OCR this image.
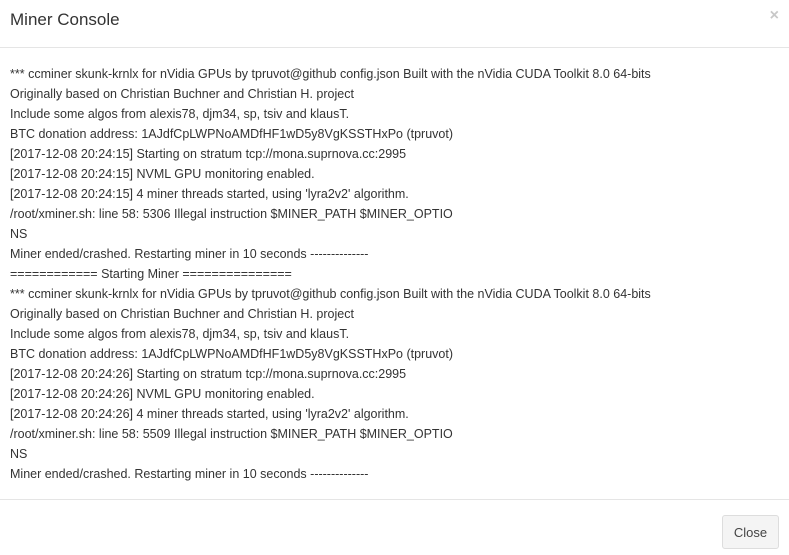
Miner Console	×
*** ccminer skunk-krnlx for nVidia GPUs by tpruvot@github config.json Built with the nVidia CUDA Toolkit 8.0 64-bits
Originally based on Christian Buchner and Christian H. project
Include some algos from alexis78, djm34, sp, tsiv and klausT.
BTC donation address: 1AJdfCpLWPNoAMDfHF1wD5y8VgKSSTHxPo (tpruvot)
[2017-12-08 20:24:15] Starting on stratum tcp://mona.suprnova.cc:2995
[2017-12-08 20:24:15] NVML GPU monitoring enabled.
[2017-12-08 20:24:15] 4 miner threads started, using 'lyra2v2' algorithm.
/root/xminer.sh: line 58: 5306 Illegal instruction $MINER_PATH $MINER_OPTIO
NS
Miner ended/crashed. Restarting miner in 10 seconds --------------
============ Starting Miner ===============
*** ccminer skunk-krnlx for nVidia GPUs by tpruvot@github config.json Built with the nVidia CUDA Toolkit 8.0 64-bits
Originally based on Christian Buchner and Christian H. project
Include some algos from alexis78, djm34, sp, tsiv and klausT.
BTC donation address: 1AJdfCpLWPNoAMDfHF1wD5y8VgKSSTHxPo (tpruvot)
[2017-12-08 20:24:26] Starting on stratum tcp://mona.suprnova.cc:2995
[2017-12-08 20:24:26] NVML GPU monitoring enabled.
[2017-12-08 20:24:26] 4 miner threads started, using 'lyra2v2' algorithm.
/root/xminer.sh: line 58: 5509 Illegal instruction $MINER_PATH $MINER_OPTIO
NS
Miner ended/crashed. Restarting miner in 10 seconds --------------
Close
